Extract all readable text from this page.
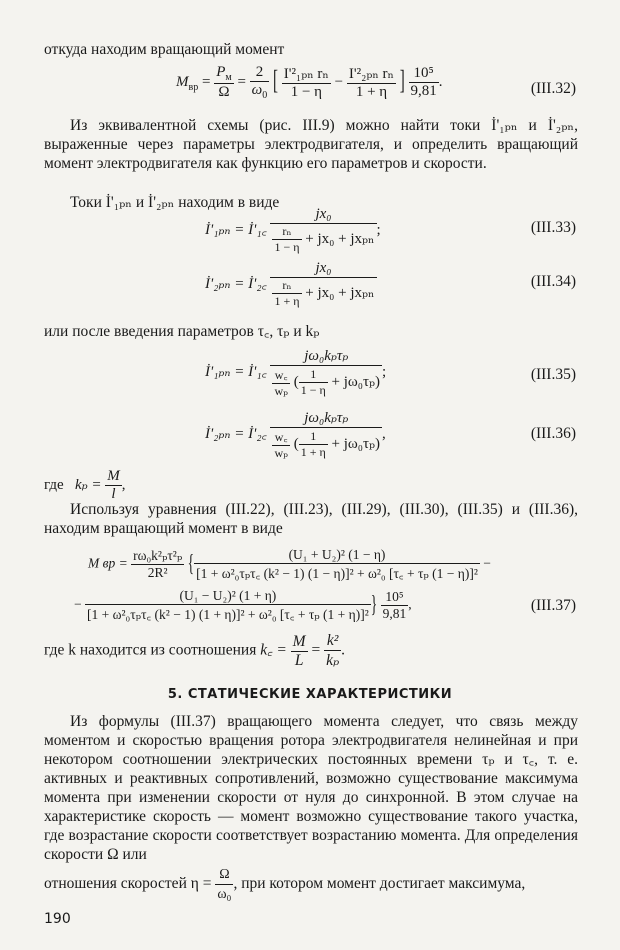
откуда находим вращающий момент
$M_{вр} = \frac{P_м}{\Omega} = \frac{2}{\omega_0}$ [ $\frac{\text{I'²₁ₚₙ rₙ}}{1 - \eta} - \frac{\text{I'²₂ₚₙ rₙ}}{1 + \eta}$ ] $\frac{\text{10⁵}}{9,81}$ .	(III.32)
Из эквивалентной схемы (рис. III.9) можно найти токи İ'₁ₚₙ и İ'₂ₚₙ, выраженные через параметры электродвигателя, и определить вращающий момент электродвигателя как функцию его параметров и скорости.
Токи İ'₁ₚₙ и İ'₂ₚₙ находим в виде
İ'₁ₚₙ = İ'₁꜀ $\frac{\text{jx₀}}{\frac{\text{rₙ}}{1 - \eta} + jx_0 + jx_{pn}}$ ;	(III.33)
İ'₂ₚₙ = İ'₂꜀ $\frac{\text{jx₀}}{\frac{\text{rₙ}}{1 + \eta} + jx_0 + jx_{pn}}$	(III.34)
или после введения параметров τ꜀, τₚ и kₚ
İ'₁ₚₙ = İ'₁꜀ $\frac{\text{jω₀kₚτₚ}}{\frac{w꜀}{\text{wₚ}} ( \frac{1}{1 - \eta} + j\omega_0\tau_p)}$ ;	(III.35)
İ'₂ₚₙ = İ'₂꜀ $\frac{\text{jω₀kₚτₚ}}{\frac{w꜀}{\text{wₚ}} ( \frac{1}{1 + \eta} + j\omega_0\tau_p)}$ ,	(III.36)
где $k_p = \frac{M}{l}$ ,
Используя уравнения (III.22), (III.23), (III.29), (III.30), (III.35) и (III.36), находим вращающий момент в виде
M вр = $\frac{\text{rω₀k²ₚτ²ₚ}}{\text{2R²}}$ { $\frac{\text{(U₁ + U₂)² (1 − η)}}{\text{[1 + ω²₀τₚτ꜀ (k² − 1) (1 − η)]² + ω²₀ [τ꜀ + τₚ (1 − η)]²}}$ −
− $\frac{\text{(U₁ − U₂)² (1 + η)}}{\text{[1 + ω²₀τₚτ꜀ (k² − 1) (1 + η)]² + ω²₀ [τ꜀ + τₚ (1 + η)]²}}$ } $\frac{\text{10⁵}}{9,81}$ ,	(III.37)
где k находится из соотношения k꜀ = $\frac{M}{L} = \frac{\text{k²}}{\text{kₚ}}$ .
5. СТАТИЧЕСКИЕ ХАРАКТЕРИСТИКИ
Из формулы (III.37) вращающего момента следует, что связь между моментом и скоростью вращения ротора электродвигателя нелинейная и при некотором соотношении электрических постоянных времени τₚ и τ꜀, т. е. активных и реактивных сопротивлений, возможно существование максимума момента при изменении скорости от нуля до синхронной. В этом случае на характеристике скорость — момент возможно существование такого участка, где возрастание скорости соответствует возрастанию момента. Для определения скорости Ω или
отношения скоростей $\eta = \frac{\Omega}{\text{ω₀}}$ , при котором момент достигает максимума,
190
